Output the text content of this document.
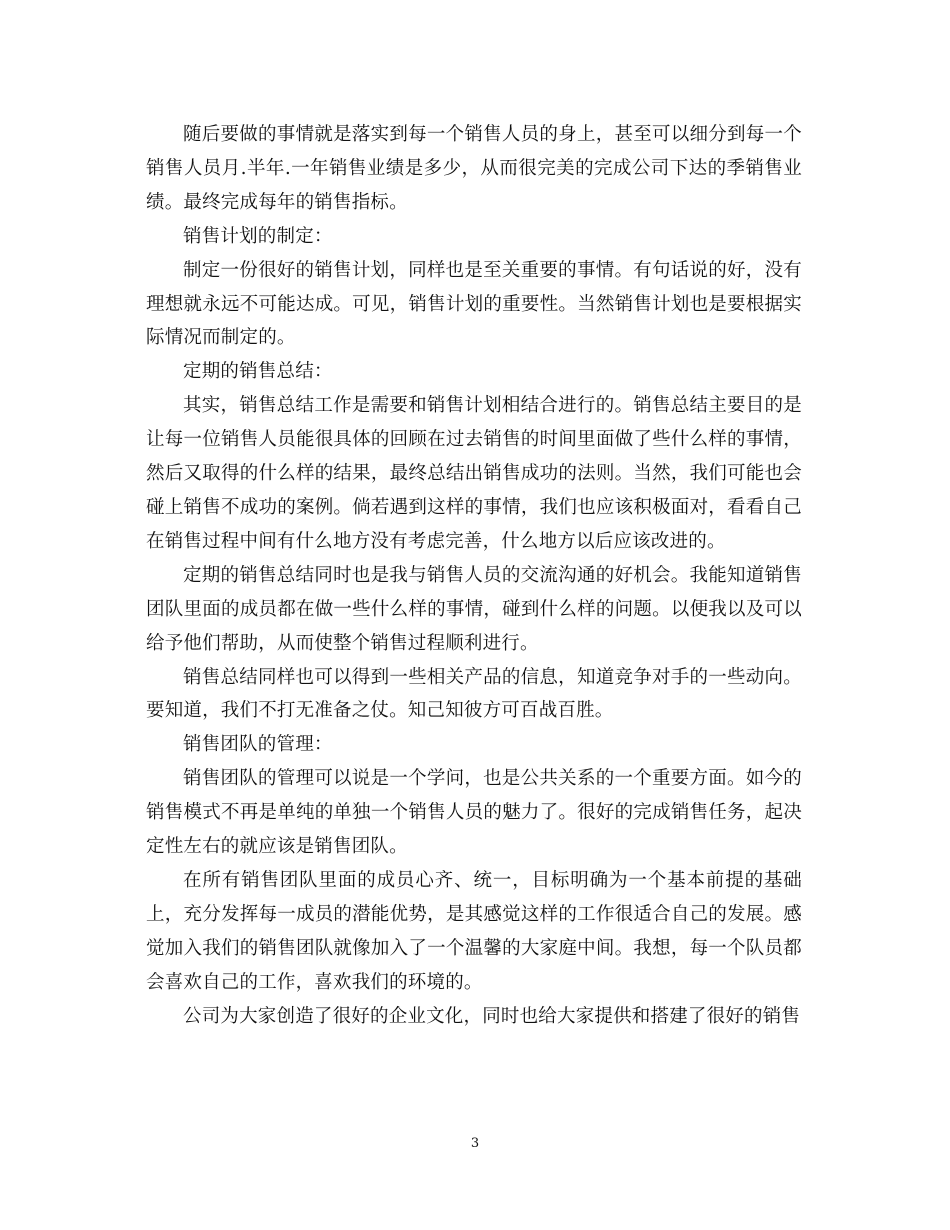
随后要做的事情就是落实到每一个销售人员的身上，甚至可以细分到每一个销售人员月.半年.一年销售业绩是多少，从而很完美的完成公司下达的季销售业绩。最终完成每年的销售指标。

销售计划的制定：

制定一份很好的销售计划，同样也是至关重要的事情。有句话说的好，没有理想就永远不可能达成。可见，销售计划的重要性。当然销售计划也是要根据实际情况而制定的。

定期的销售总结：

其实，销售总结工作是需要和销售计划相结合进行的。销售总结主要目的是让每一位销售人员能很具体的回顾在过去销售的时间里面做了些什么样的事情，然后又取得的什么样的结果，最终总结出销售成功的法则。当然，我们可能也会碰上销售不成功的案例。倘若遇到这样的事情，我们也应该积极面对，看看自己在销售过程中间有什么地方没有考虑完善，什么地方以后应该改进的。

定期的销售总结同时也是我与销售人员的交流沟通的好机会。我能知道销售团队里面的成员都在做一些什么样的事情，碰到什么样的问题。以便我以及可以给予他们帮助，从而使整个销售过程顺利进行。

销售总结同样也可以得到一些相关产品的信息，知道竞争对手的一些动向。要知道，我们不打无准备之仗。知己知彼方可百战百胜。

销售团队的管理：

销售团队的管理可以说是一个学问，也是公共关系的一个重要方面。如今的销售模式不再是单纯的单独一个销售人员的魅力了。很好的完成销售任务，起决定性左右的就应该是销售团队。

在所有销售团队里面的成员心齐、统一，目标明确为一个基本前提的基础上，充分发挥每一成员的潜能优势，是其感觉这样的工作很适合自己的发展。感觉加入我们的销售团队就像加入了一个温馨的大家庭中间。我想，每一个队员都会喜欢自己的工作，喜欢我们的环境的。

公司为大家创造了很好的企业文化，同时也给大家提供和搭建了很好的销售

3
